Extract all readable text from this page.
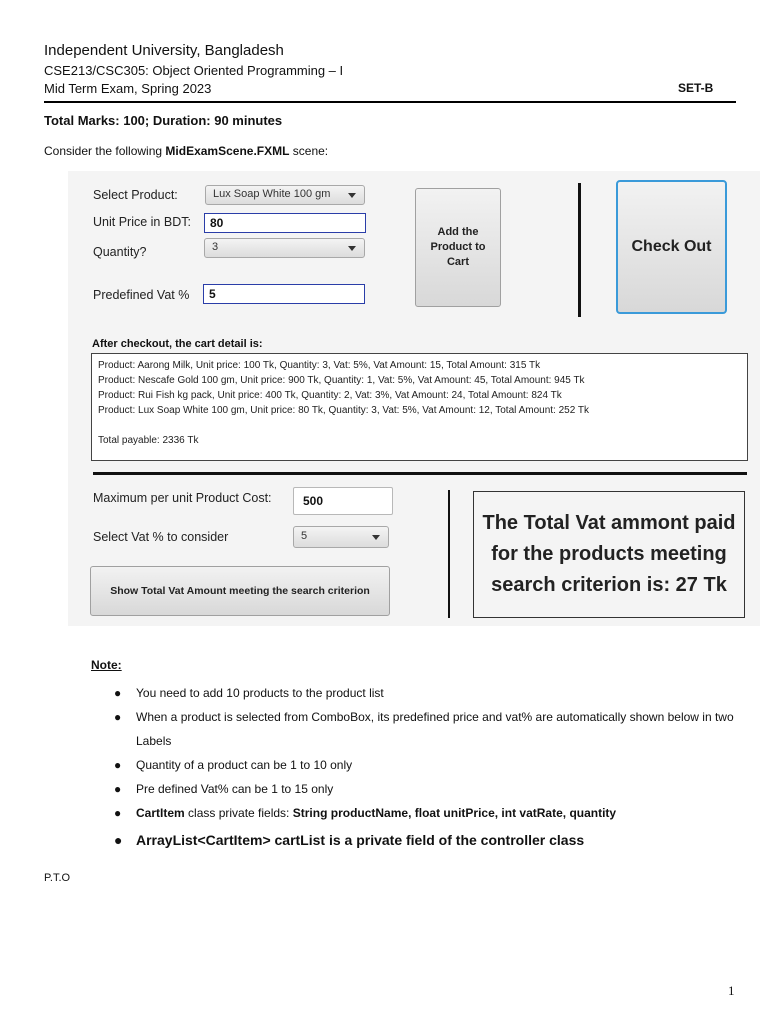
Independent University, Bangladesh
CSE213/CSC305: Object Oriented Programming – I
Mid Term Exam, Spring 2023	SET-B
Total Marks: 100; Duration: 90 minutes
Consider the following MidExamScene.FXML scene:
Select Product:	Lux Soap White 100 gm
Unit Price in BDT:	80
Quantity?	3
Predefined Vat %	5
Add the Product to Cart
Check Out
After checkout, the cart detail is:
Product: Aarong Milk, Unit price: 100 Tk, Quantity: 3, Vat: 5%, Vat Amount: 15, Total Amount: 315 Tk
Product: Nescafe Gold 100 gm, Unit price: 900 Tk, Quantity: 1, Vat: 5%, Vat Amount: 45, Total Amount: 945 Tk
Product: Rui Fish kg pack, Unit price: 400 Tk, Quantity: 2, Vat: 3%, Vat Amount: 24, Total Amount: 824 Tk
Product: Lux Soap White 100 gm, Unit price: 80 Tk, Quantity: 3, Vat: 5%, Vat Amount: 12, Total Amount: 252 Tk
Total payable: 2336 Tk
Maximum per unit Product Cost:	500
Select Vat % to consider	5
Show Total Vat Amount meeting the search criterion
The Total Vat ammont paid for the products meeting search criterion is: 27 Tk
Note:
● You need to add 10 products to the product list
● When a product is selected from ComboBox, its predefined price and vat% are automatically shown below in two Labels
● Quantity of a product can be 1 to 10 only
● Pre defined Vat% can be 1 to 15 only
● CartItem class private fields: String productName, float unitPrice, int vatRate, quantity
● ArrayList<CartItem> cartList is a private field of the controller class
P.T.O
1
